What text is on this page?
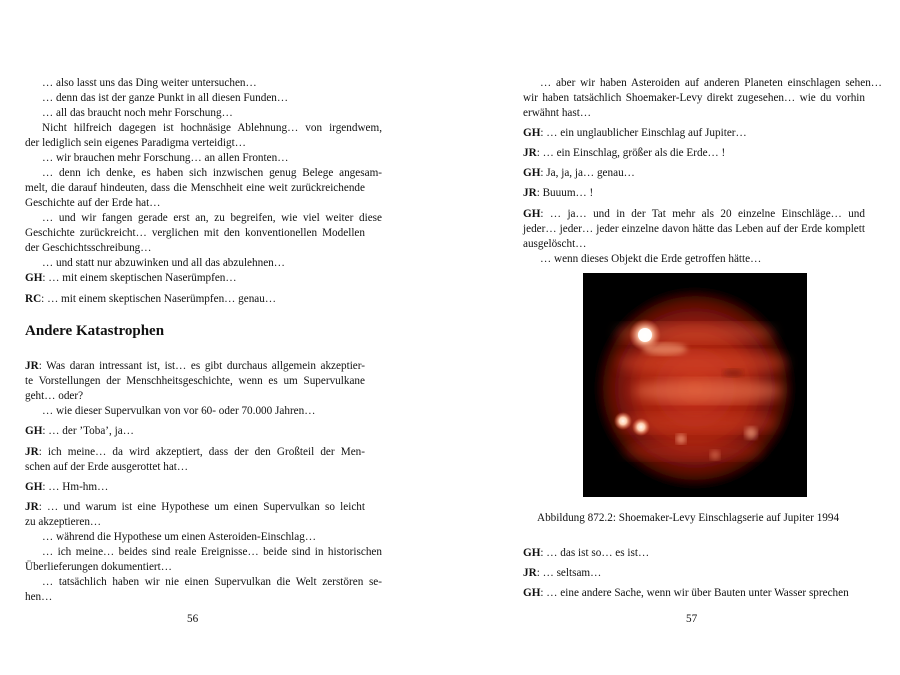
… also lasst uns das Ding weiter untersuchen…
… denn das ist der ganze Punkt in all diesen Funden…
… all das braucht noch mehr Forschung…
Nicht hilfreich dagegen ist hochnäsige Ablehnung… von irgendwem,
der lediglich sein eigenes Paradigma verteidigt…
… wir brauchen mehr Forschung… an allen Fronten…
… denn ich denke, es haben sich inzwischen genug Belege angesam-
melt, die darauf hindeuten, dass die Menschheit eine weit zurückreichende
Geschichte auf der Erde hat…
… und wir fangen gerade erst an, zu begreifen, wie viel weiter diese
Geschichte zurückreicht… verglichen mit den konventionellen Modellen
der Geschichtsschreibung…
… und statt nur abzuwinken und all das abzulehnen…
GH: … mit einem skeptischen Naserümpfen…
RC: … mit einem skeptischen Naserümpfen… genau…
Andere Katastrophen
JR: Was daran intressant ist, ist… es gibt durchaus allgemein akzeptier-
te Vorstellungen der Menschheitsgeschichte, wenn es um Supervulkane
geht… oder?
… wie dieser Supervulkan von vor 60- oder 70.000 Jahren…
GH: … der ’Toba’, ja…
JR: ich meine… da wird akzeptiert, dass der den Großteil der Men-
schen auf der Erde ausgerottet hat…
GH: … Hm-hm…
JR: … und warum ist eine Hypothese um einen Supervulkan so leicht
zu akzeptieren…
… während die Hypothese um einen Asteroiden-Einschlag…
… ich meine… beides sind reale Ereignisse… beide sind in historischen
Überlieferungen dokumentiert…
… tatsächlich haben wir nie einen Supervulkan die Welt zerstören se-
hen…
56
… aber wir haben Asteroiden auf anderen Planeten einschlagen sehen…
wir haben tatsächlich Shoemaker-Levy direkt zugesehen… wie du vorhin
erwähnt hast…
GH: … ein unglaublicher Einschlag auf Jupiter…
JR: … ein Einschlag, größer als die Erde… !
GH: Ja, ja, ja… genau…
JR: Buuum… !
GH: … ja… und in der Tat mehr als 20 einzelne Einschläge… und
jeder… jeder… jeder einzelne davon hätte das Leben auf der Erde komplett
ausgelöscht…
… wenn dieses Objekt die Erde getroffen hätte…
Abbildung 872.2: Shoemaker-Levy Einschlagserie auf Jupiter 1994
GH: … das ist so… es ist…
JR: … seltsam…
GH: … eine andere Sache, wenn wir über Bauten unter Wasser sprechen
57
